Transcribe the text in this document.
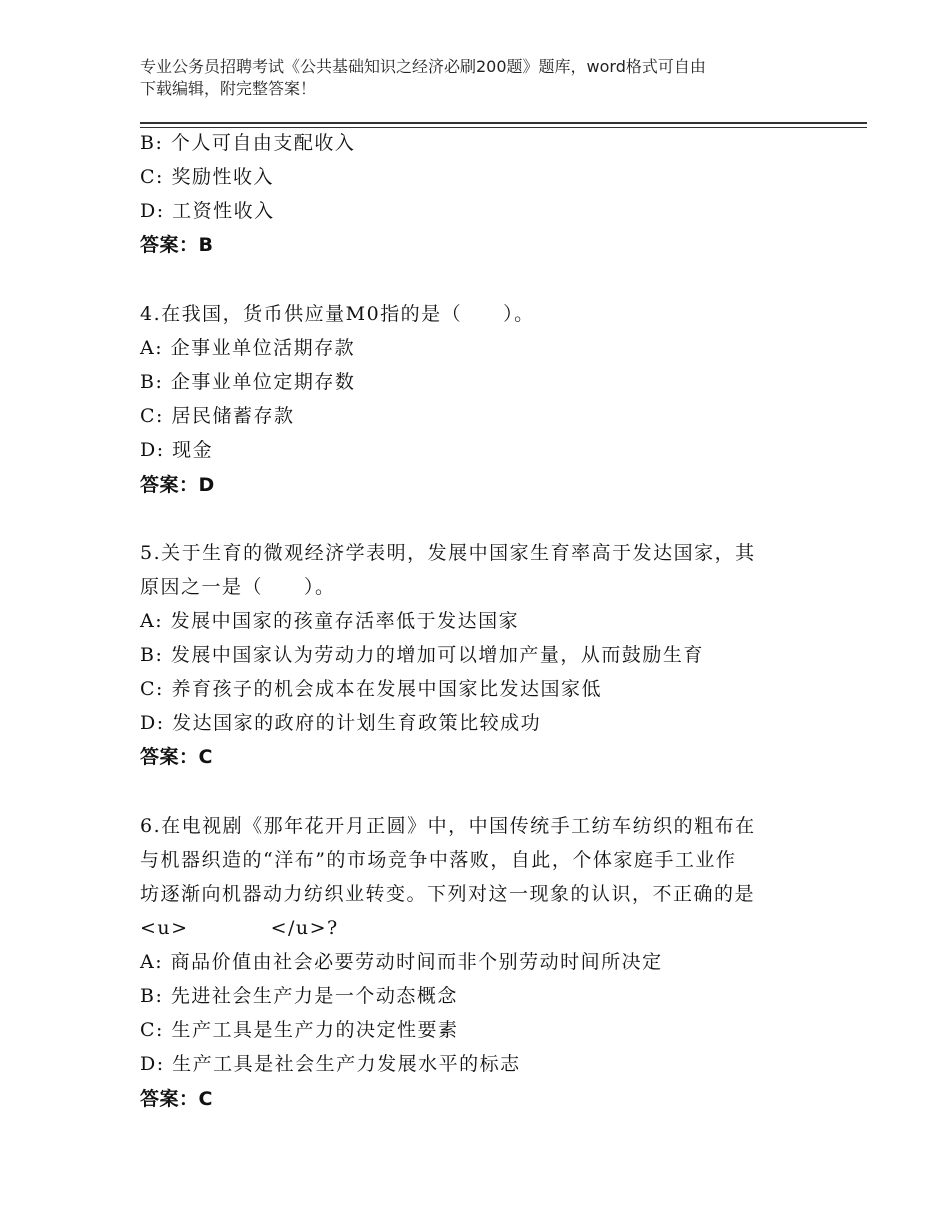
专业公务员招聘考试《公共基础知识之经济必刷200题》题库，word格式可自由
下载编辑，附完整答案！
B: 个人可自由支配收入
C: 奖励性收入
D: 工资性收入
答案：B
4.在我国，货币供应量M0指的是（　　）。
A: 企事业单位活期存款
B: 企事业单位定期存数
C: 居民储蓄存款
D: 现金
答案：D
5.关于生育的微观经济学表明，发展中国家生育率高于发达国家，其
原因之一是（　　）。
A: 发展中国家的孩童存活率低于发达国家
B: 发展中国家认为劳动力的增加可以增加产量，从而鼓励生育
C: 养育孩子的机会成本在发展中国家比发达国家低
D: 发达国家的政府的计划生育政策比较成功
答案：C
6.在电视剧《那年花开月正圆》中，中国传统手工纺车纺织的粗布在
与机器织造的“洋布”的市场竞争中落败，自此，个体家庭手工业作
坊逐渐向机器动力纺织业转变。下列对这一现象的认识，不正确的是
<u>　　　　</u>?
A: 商品价值由社会必要劳动时间而非个别劳动时间所决定
B: 先进社会生产力是一个动态概念
C: 生产工具是生产力的决定性要素
D: 生产工具是社会生产力发展水平的标志
答案：C
